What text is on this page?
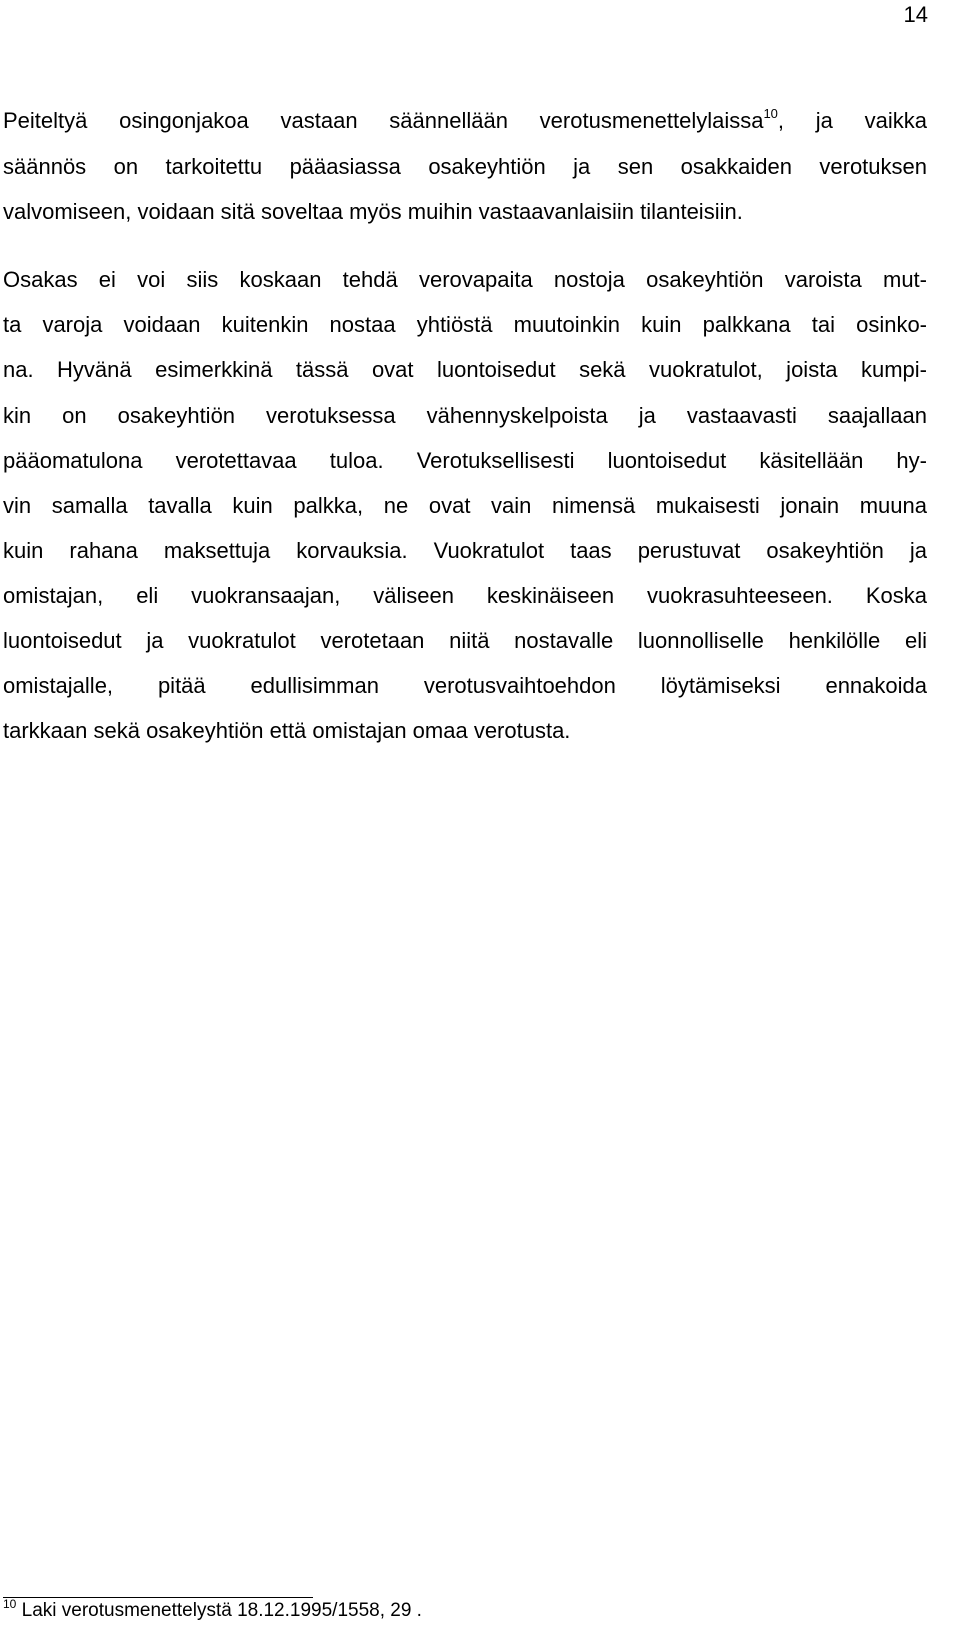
14
Peiteltyä osingonjakoa vastaan säännellään verotusmenettelylaissa$^{10}$, ja vaikka
säännös on tarkoitettu pääasiassa osakeyhtiön ja sen osakkaiden verotuksen
valvomiseen, voidaan sitä soveltaa myös muihin vastaavanlaisiin tilanteisiin.
Osakas ei voi siis koskaan tehdä verovapaita nostoja osakeyhtiön varoista mut-
ta varoja voidaan kuitenkin nostaa yhtiöstä muutoinkin kuin palkkana tai osinko-
na. Hyvänä esimerkkinä tässä ovat luontoisedut sekä vuokratulot, joista kumpi-
kin on osakeyhtiön verotuksessa vähennyskelpoista ja vastaavasti saajallaan
pääomatulona verotettavaa tuloa. Verotuksellisesti luontoisedut käsitellään hy-
vin samalla tavalla kuin palkka, ne ovat vain nimensä mukaisesti jonain muuna
kuin rahana maksettuja korvauksia. Vuokratulot taas perustuvat osakeyhtiön ja
omistajan, eli vuokransaajan, väliseen keskinäiseen vuokrasuhteeseen. Koska
luontoisedut ja vuokratulot verotetaan niitä nostavalle luonnolliselle henkilölle eli
omistajalle, pitää edullisimman verotusvaihtoehdon löytämiseksi ennakoida
tarkkaan sekä osakeyhtiön että omistajan omaa verotusta.
$^{10}$ Laki verotusmenettelystä 18.12.1995/1558, 29 .
